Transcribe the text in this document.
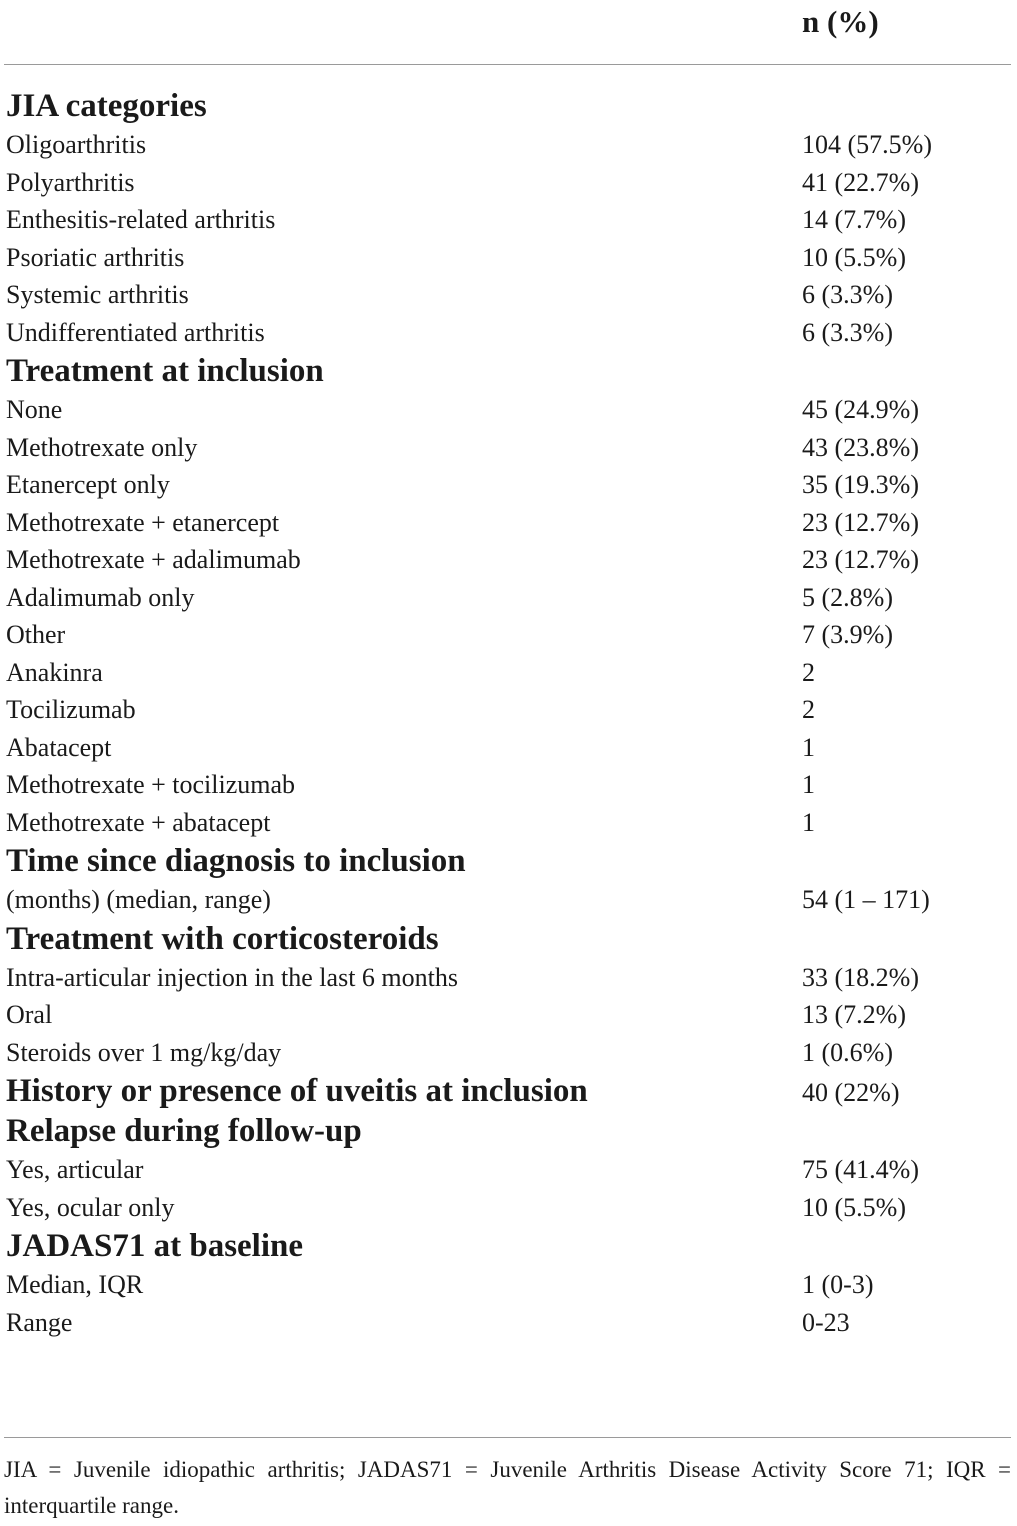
n (%)
JIA categories
Oligoarthritis	104 (57.5%)
Polyarthritis	41 (22.7%)
Enthesitis-related arthritis	14 (7.7%)
Psoriatic arthritis	10 (5.5%)
Systemic arthritis	6 (3.3%)
Undifferentiated arthritis	6 (3.3%)
Treatment at inclusion
None	45 (24.9%)
Methotrexate only	43 (23.8%)
Etanercept only	35 (19.3%)
Methotrexate + etanercept	23 (12.7%)
Methotrexate + adalimumab	23 (12.7%)
Adalimumab only	5 (2.8%)
Other	7 (3.9%)
Anakinra	2
Tocilizumab	2
Abatacept	1
Methotrexate + tocilizumab	1
Methotrexate + abatacept	1
Time since diagnosis to inclusion
(months) (median, range)	54 (1 – 171)
Treatment with corticosteroids
Intra-articular injection in the last 6 months	33 (18.2%)
Oral	13 (7.2%)
Steroids over 1 mg/kg/day	1 (0.6%)
History or presence of uveitis at inclusion	40 (22%)
Relapse during follow-up
Yes, articular	75 (41.4%)
Yes, ocular only	10 (5.5%)
JADAS71 at baseline
Median, IQR	1 (0-3)
Range	0-23
JIA = Juvenile idiopathic arthritis; JADAS71 = Juvenile Arthritis Disease Activity Score 71; IQR = interquartile range.
